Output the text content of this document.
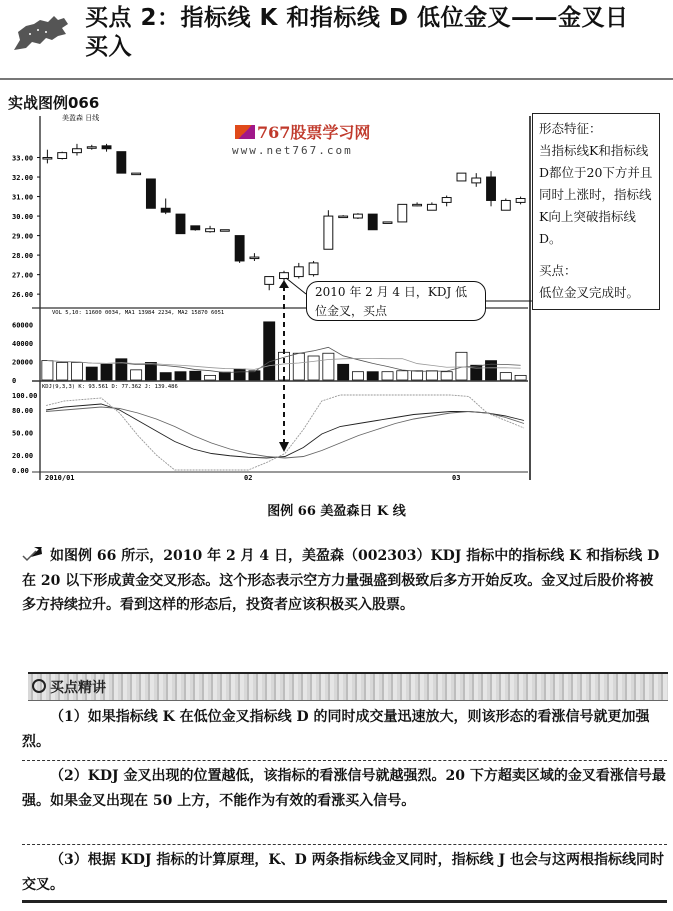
买点 2：指标线 K 和指标线 D 低位金叉——金叉日
买入
实战图例066
33.00
32.00
31.00
30.00
29.00
28.00
27.00
26.00
美盈森 日线
VOL 5,10: 11600 0034, MA1 13984 2234, MA2 15870 6051
60000
40000
20000
0
KDJ(9,3,3) K: 93.561 D: 77.362 J: 139.486
100.00
80.00
50.00
20.00
0.00
2010/01	02	03
767股票学习网
www.net767.com

形态特征：

当指标线K和指标线D都位于20下方并且同时上涨时，指标线K向上突破指标线D。

买点：

低位金叉完成时。

2010 年 2 月 4 日，KDJ 低
位金叉，买点
图例 66 美盈森日 K 线
如图例 66 所示，2010 年 2 月 4 日，美盈森（002303）KDJ 指标中的指标线 K 和指标线 D 在 20 以下形成黄金交叉形态。这个形态表示空方力量强盛到极致后多方开始反攻。金叉过后股价将被多方持续拉升。看到这样的形态后，投资者应该积极买入股票。
买点精讲
（1）如果指标线 K 在低位金叉指标线 D 的同时成交量迅速放大，则该形态的看涨信号就更加强烈。
（2）KDJ 金叉出现的位置越低，该指标的看涨信号就越强烈。20 下方超卖区域的金叉看涨信号最强。如果金叉出现在 50 上方，不能作为有效的看涨买入信号。
（3）根据 KDJ 指标的计算原理，K、D 两条指标线金叉同时，指标线 J 也会与这两根指标线同时交叉。
